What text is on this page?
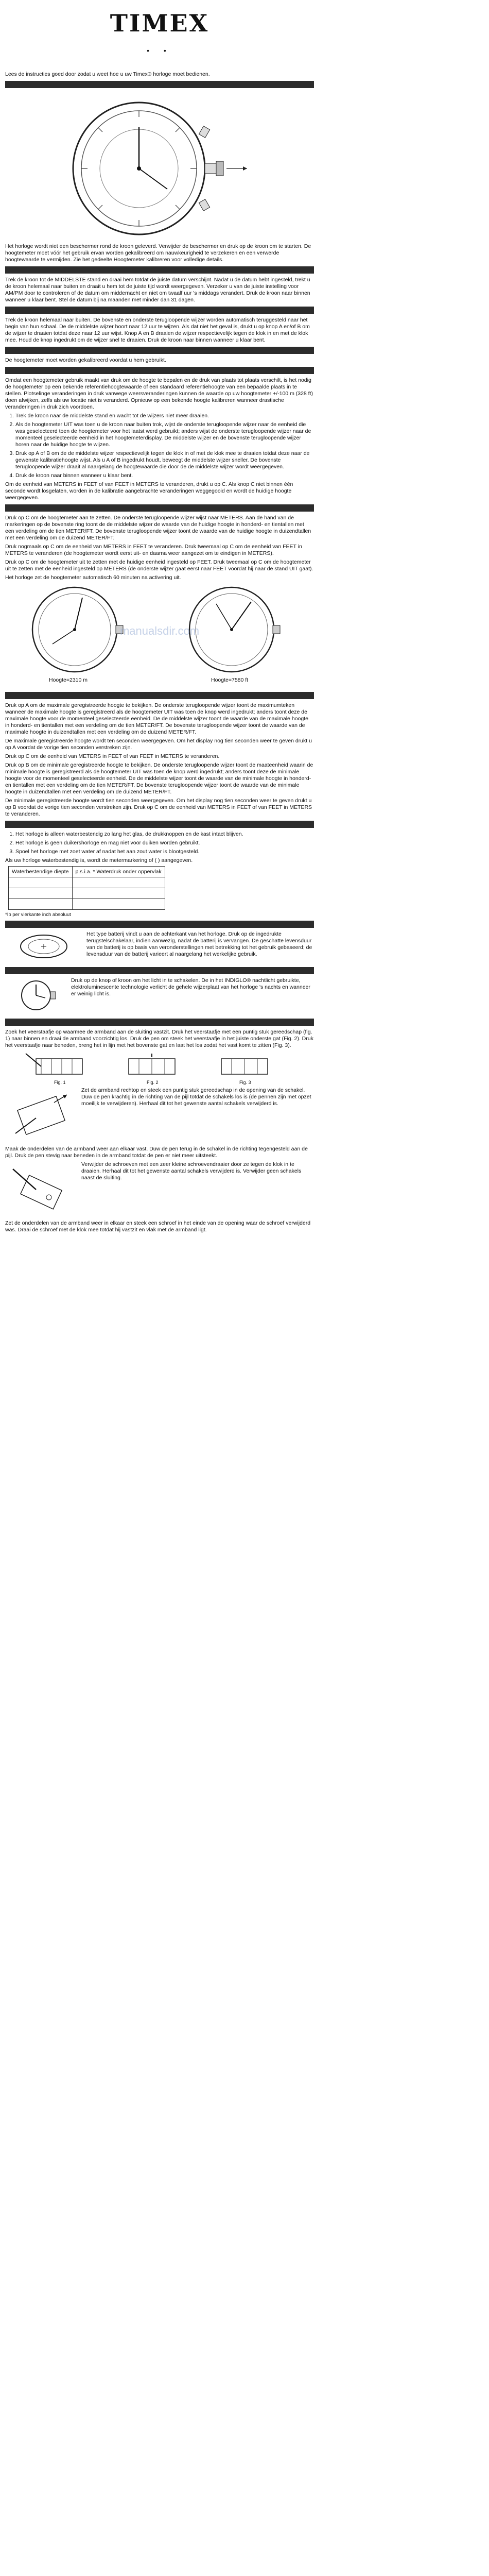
TIMEX
• •

Lees de instructies goed door zodat u weet hoe u uw Timex® horloge moet bedienen.

Het horloge wordt niet een beschermer rond de kroon geleverd. Verwijder de beschermer en druk op de kroon om te starten. De hoogtemeter moet vóór het gebruik ervan worden gekalibreerd om nauwkeurigheid te verzekeren en een verwerde hoogtewaarde te vermijden. Zie het gedeelte Hoogtemeter kalibreren voor volledige details.

Trek de kroon tot de MIDDELSTE stand en draai hem totdat de juiste datum verschijnt. Nadat u de datum hebt ingesteld, trekt u de kroon helemaal naar buiten en draait u hem tot de juiste tijd wordt weergegeven. Verzeker u van de juiste instelling voor AM/PM door te controleren of de datum om middernacht en niet om twaalf uur 's middags verandert. Druk de kroon naar binnen wanneer u klaar bent. Stel de datum bij na maanden met minder dan 31 dagen.

Trek de kroon helemaal naar buiten. De bovenste en onderste terugloopende wijzer worden automatisch teruggesteld naar het begin van hun schaal. De de middelste wijzer hoort naar 12 uur te wijzen. Als dat niet het geval is, drukt u op knop A en/of B om de wijzer te draaien totdat deze naar 12 uur wijst. Knop A en B draaien de wijzer respectievelijk tegen de klok in en met de klok mee. Houd de knop ingedrukt om de wijzer snel te draaien. Druk de kroon naar binnen wanneer u klaar bent.

De hoogtemeter moet worden gekalibreerd voordat u hem gebruikt.

Omdat een hoogtemeter gebruik maakt van druk om de hoogte te bepalen en de druk van plaats tot plaats verschilt, is het nodig de hoogtemeter op een bekende referentiehoogtewaarde of een standaard referentiehoogte van een bepaalde plaats in te stellen. Plotselinge veranderingen in druk vanwege weersveranderingen kunnen de waarde op uw hoogtemeter +/-100 m (328 ft) doen afwijken, zelfs als uw locatie niet is veranderd. Opnieuw op een bekende hoogte kalibreren wanneer drastische veranderingen in druk zich voordoen.

1. Trek de kroon naar de middelste stand en wacht tot de wijzers niet meer draaien.
2. Als de hoogtemeter UIT was toen u de kroon naar buiten trok, wijst de onderste terugloopende wijzer naar de eenheid die was geselecteerd toen de hoogtemeter voor het laatst werd gebruikt; anders wijst de onderste terugloopende wijzer naar de momenteel geselecteerde eenheid in het hoogtemeterdisplay. De middelste wijzer en de bovenste terugloopende wijzer horen naar de huidige hoogte te wijzen.
3. Druk op A of B om de de middelste wijzer respectievelijk tegen de klok in of met de klok mee te draaien totdat deze naar de gewenste kalibratiehoogte wijst. Als u A of B ingedrukt houdt, beweegt de middelste wijzer sneller. De bovenste terugloopende wijzer draait al naargelang de hoogtewaarde die door de de middelste wijzer wordt weergegeven.
4. Druk de kroon naar binnen wanneer u klaar bent.

Om de eenheid van METERS in FEET of van FEET in METERS te veranderen, drukt u op C. Als knop C niet binnen één seconde wordt losgelaten, worden in de kalibratie aangebrachte veranderingen weggegooid en wordt de huidige hoogte weergegeven.

Druk op C om de hoogtemeter aan te zetten. De onderste terugloopende wijzer wijst naar METERS. Aan de hand van de markeringen op de bovenste ring toont de de middelste wijzer de waarde van de huidige hoogte in honderd- en tientallen met een verdeling om de tien METER/FT. De bovenste terugloopende wijzer toont de waarde van de huidige hoogte in duizendtallen met een verdeling om de duizend METER/FT.

Druk nogmaals op C om de eenheid van METERS in FEET te veranderen. Druk tweemaal op C om de eenheid van FEET in METERS te veranderen (de hoogtemeter wordt eerst uit- en daarna weer aangezet om te eindigen in METERS).

Druk op C om de hoogtemeter uit te zetten met de huidige eenheid ingesteld op FEET. Druk tweemaal op C om de hoogtemeter uit te zetten met de eenheid ingesteld op METERS (de onderste wijzer gaat eerst naar FEET voordat hij naar de stand UIT gaat).

Het horloge zet de hoogtemeter automatisch 60 minuten na activering uit.

manualsdir.com
Hoogte=2310 m	Hoogte=7580 ft

Druk op A om de maximale geregistreerde hoogte te bekijken. De onderste terugloopende wijzer toont de maximumteken wanneer de maximale hoogte is geregistreerd als de hoogtemeter UIT was toen de knop werd ingedrukt; anders toont deze de maximale hoogte voor de momenteel geselecteerde eenheid. De de middelste wijzer toont de waarde van de maximale hoogte in honderd- en tientallen met een verdeling om de tien METER/FT. De bovenste terugloopende wijzer toont de waarde van de maximale hoogte in duizendtallen met een verdeling om de duizend METER/FT.

De maximale geregistreerde hoogte wordt ten seconden weergegeven. Om het display nog tien seconden weer te geven drukt u op A voordat de vorige tien seconden verstreken zijn.

Druk op C om de eenheid van METERS in FEET of van FEET in METERS te veranderen.

Druk op B om de minimale geregistreerde hoogte te bekijken. De onderste terugloopende wijzer toont de maateenheid waarin de minimale hoogte is geregistreerd als de hoogtemeter UIT was toen de knop werd ingedrukt; anders toont deze de minimale hoogte voor de momenteel geselecteerde eenheid. De de middelste wijzer toont de waarde van de minimale hoogte in honderd- en tientallen met een verdeling om de tien METER/FT. De bovenste terugloopende wijzer toont de waarde van de minimale hoogte in duizendtallen met een verdeling om de duizend METER/FT.

De minimale geregistreerde hoogte wordt tien seconden weergegeven. Om het display nog tien seconden weer te geven drukt u op B voordat de vorige tien seconden verstreken zijn. Druk op C om de eenheid van METERS in FEET of van FEET in METERS te veranderen.

1. Het horloge is alleen waterbestendig zo lang het glas, de drukknoppen en de kast intact blijven.
2. Het horloge is geen duikershorloge en mag niet voor duiken worden gebruikt.
3. Spoel het horloge met zoet water af nadat het aan zout water is blootgesteld.

Als uw horloge waterbestendig is, wordt de metermarkering of ( ) aangegeven.

Waterbestendige diepte	p.s.i.a. * Waterdruk onder oppervlak

*Ib per vierkante inch absoluut

Het type batterij vindt u aan de achterkant van het horloge. Druk op de ingedrukte terugstelschakelaar, indien aanwezig, nadat de batterij is vervangen. De geschatte levensduur van de batterij is op basis van veronderstellingen met betrekking tot het gebruik gebaseerd; de levensduur van de batterij varieert al naargelang het werkelijke gebruik.

Druk op de knop of kroon om het licht in te schakelen. De in het INDIGLO® nachtlicht gebruikte, elektroluminescente technologie verlicht de gehele wijzerplaat van het horloge 's nachts en wanneer er weinig licht is.

Zoek het veerstaafje op waarmee de armband aan de sluiting vastzit. Druk het veerstaafje met een puntig stuk gereedschap (fig. 1) naar binnen en draai de armband voorzichtig los. Druk de pen om steek het veerstaafje in het juiste onderste gat (Fig. 2). Druk het veerstaafje naar beneden, breng het in lijn met het bovenste gat en laat het los zodat het vast komt te zitten (Fig. 3).

Fig. 1	Fig. 2	Fig. 3

Zet de armband rechtop en steek een puntig stuk gereedschap in de opening van de schakel. Duw de pen krachtig in de richting van de pijl totdat de schakels los is (de pennen zijn met opzet moeilijk te verwijderen). Herhaal dit tot het gewenste aantal schakels verwijderd is.

Maak de onderdelen van de armband weer aan elkaar vast. Duw de pen terug in de schakel in de richting tegengesteld aan de pijl. Druk de pen stevig naar beneden in de armband totdat de pen er niet meer uitsteekt.

Verwijder de schroeven met een zeer kleine schroevendraaier door ze tegen de klok in te draaien. Herhaal dit tot het gewenste aantal schakels verwijderd is. Verwijder geen schakels naast de sluiting.

Zet de onderdelen van de armband weer in elkaar en steek een schroef in het einde van de opening waar de schroef verwijderd was. Draai de schroef met de klok mee totdat hij vastzit en vlak met de armband ligt.
